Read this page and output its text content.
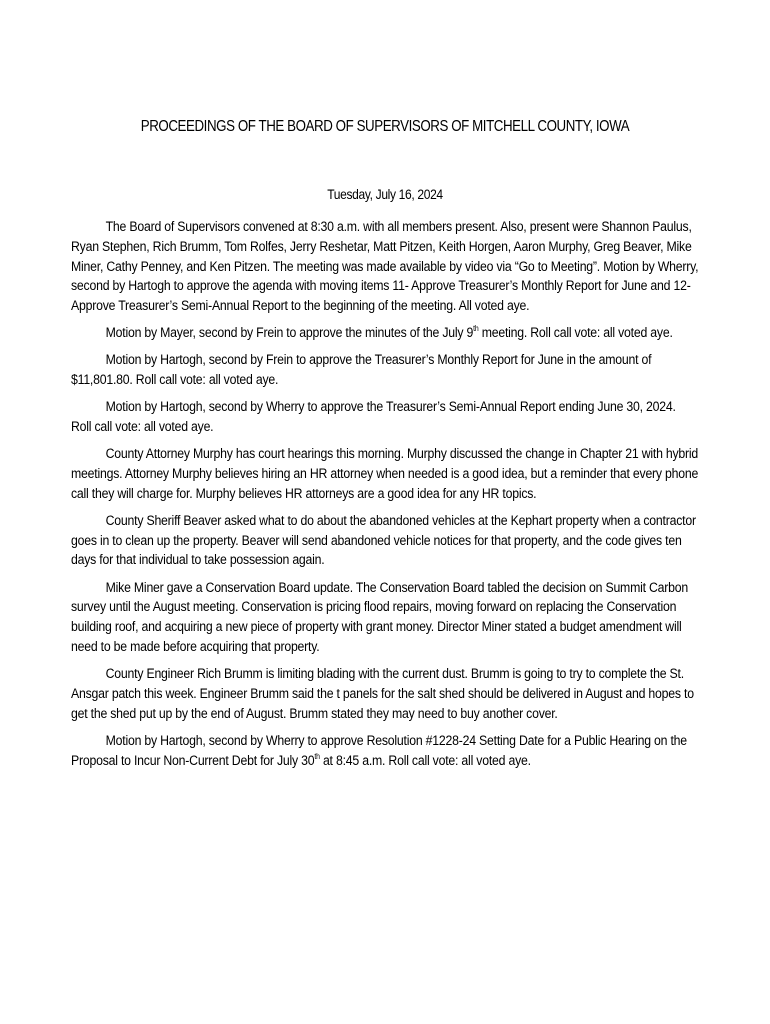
PROCEEDINGS OF THE BOARD OF SUPERVISORS OF MITCHELL COUNTY, IOWA
Tuesday, July 16, 2024

The Board of Supervisors convened at 8:30 a.m. with all members present. Also, present were Shannon Paulus, Ryan Stephen, Rich Brumm, Tom Rolfes, Jerry Reshetar, Matt Pitzen, Keith Horgen, Aaron Murphy, Greg Beaver, Mike Miner, Cathy Penney, and Ken Pitzen. The meeting was made available by video via “Go to Meeting”. Motion by Wherry, second by Hartogh to approve the agenda with moving items 11- Approve Treasurer’s Monthly Report for June and 12-Approve Treasurer’s Semi-Annual Report to the beginning of the meeting. All voted aye.

Motion by Mayer, second by Frein to approve the minutes of the July 9th meeting. Roll call vote: all voted aye.

Motion by Hartogh, second by Frein to approve the Treasurer’s Monthly Report for June in the amount of $11,801.80. Roll call vote: all voted aye.

Motion by Hartogh, second by Wherry to approve the Treasurer’s Semi-Annual Report ending June 30, 2024. Roll call vote: all voted aye.

County Attorney Murphy has court hearings this morning. Murphy discussed the change in Chapter 21 with hybrid meetings. Attorney Murphy believes hiring an HR attorney when needed is a good idea, but a reminder that every phone call they will charge for. Murphy believes HR attorneys are a good idea for any HR topics.

County Sheriff Beaver asked what to do about the abandoned vehicles at the Kephart property when a contractor goes in to clean up the property. Beaver will send abandoned vehicle notices for that property, and the code gives ten days for that individual to take possession again.

Mike Miner gave a Conservation Board update. The Conservation Board tabled the decision on Summit Carbon survey until the August meeting. Conservation is pricing flood repairs, moving forward on replacing the Conservation building roof, and acquiring a new piece of property with grant money. Director Miner stated a budget amendment will need to be made before acquiring that property.

County Engineer Rich Brumm is limiting blading with the current dust. Brumm is going to try to complete the St. Ansgar patch this week. Engineer Brumm said the t panels for the salt shed should be delivered in August and hopes to get the shed put up by the end of August. Brumm stated they may need to buy another cover.

Motion by Hartogh, second by Wherry to approve Resolution #1228-24 Setting Date for a Public Hearing on the Proposal to Incur Non-Current Debt for July 30th at 8:45 a.m. Roll call vote: all voted aye.
